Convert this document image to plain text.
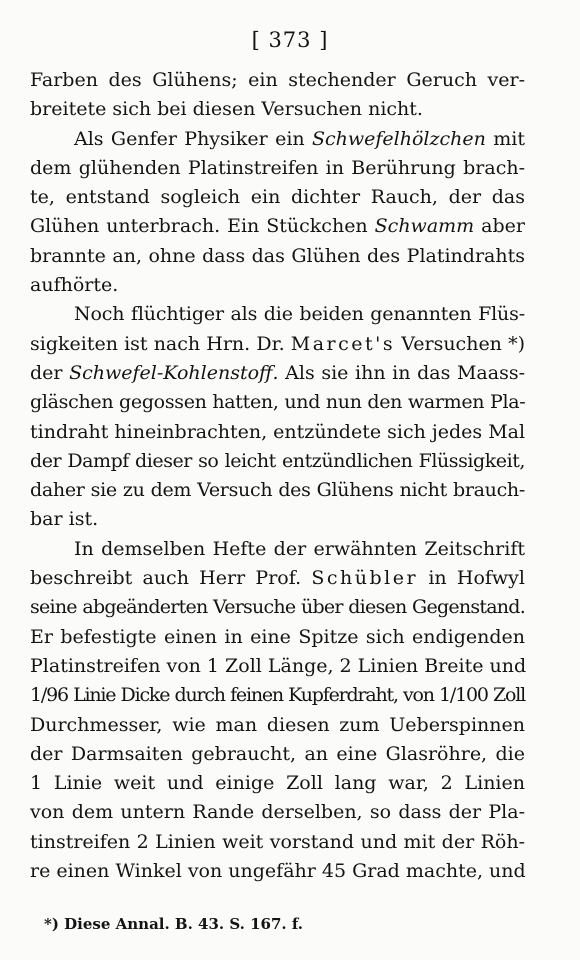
[ 373 ]
Farben des Glühens; ein stechender Geruch ver-
breitete sich bei diesen Versuchen nicht.
Als Genfer Physiker ein Schwefelhölzchen mit
dem glühenden Platinstreifen in Berührung brach-
te, entstand sogleich ein dichter Rauch, der das
Glühen unterbrach. Ein Stückchen Schwamm aber
brannte an, ohne dass das Glühen des Platindrahts
aufhörte.
Noch flüchtiger als die beiden genannten Flüs-
sigkeiten ist nach Hrn. Dr. Marcet's Versuchen *)
der Schwefel-Kohlenstoff. Als sie ihn in das Maass-
gläschen gegossen hatten, und nun den warmen Pla-
tindraht hineinbrachten, entzündete sich jedes Mal
der Dampf dieser so leicht entzündlichen Flüssigkeit,
daher sie zu dem Versuch des Glühens nicht brauch-
bar ist.
In demselben Hefte der erwähnten Zeitschrift
beschreibt auch Herr Prof. Schübler in Hofwyl
seine abgeänderten Versuche über diesen Gegenstand.
Er befestigte einen in eine Spitze sich endigenden
Platinstreifen von 1 Zoll Länge, 2 Linien Breite und
1/96 Linie Dicke durch feinen Kupferdraht, von 1/100 Zoll
Durchmesser, wie man diesen zum Ueberspinnen
der Darmsaiten gebraucht, an eine Glasröhre, die
1 Linie weit und einige Zoll lang war, 2 Linien
von dem untern Rande derselben, so dass der Pla-
tinstreifen 2 Linien weit vorstand und mit der Röh-
re einen Winkel von ungefähr 45 Grad machte, und
*) Diese Annal. B. 43. S. 167. f.
